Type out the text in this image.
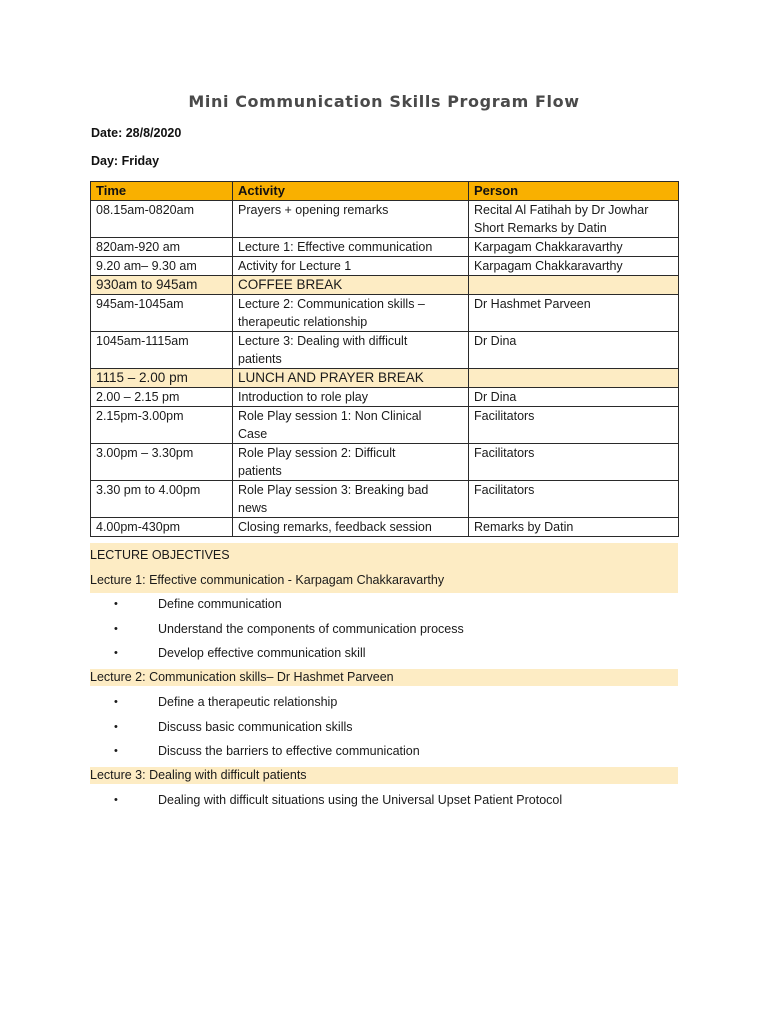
Mini Communication Skills Program Flow
Date: 28/8/2020
Day: Friday
Time	Activity	Person
08.15am-0820am	Prayers + opening remarks	Recital Al Fatihah by Dr Jowhar
Short Remarks by Datin

820am-920 am	Lecture 1: Effective communication	Karpagam Chakkaravarthy

9.20 am– 9.30 am	Activity for Lecture 1	Karpagam Chakkaravarthy

930am to 945am	COFFEE BREAK	

945am-1045am	Lecture 2: Communication skills –
therapeutic relationship	Dr Hashmet Parveen

1045am-1115am	Lecture 3: Dealing with difficult
patients	Dr Dina

1115 – 2.00 pm	LUNCH AND PRAYER BREAK	

2.00 – 2.15 pm	Introduction to role play	Dr Dina

2.15pm-3.00pm	Role Play session 1: Non Clinical
Case	Facilitators

3.00pm – 3.30pm	Role Play session 2: Difficult
patients	Facilitators

3.30 pm to 4.00pm	Role Play session 3: Breaking bad
news	Facilitators

4.00pm-430pm	Closing remarks, feedback session	Remarks by Datin
LECTURE OBJECTIVES
Lecture 1: Effective communication - Karpagam Chakkaravarthy
•	Define communication
•	Understand the components of communication process
•	Develop effective communication skill
Lecture 2: Communication skills– Dr Hashmet Parveen
•	Define a therapeutic relationship
•	Discuss basic communication skills
•	Discuss the barriers to effective communication
Lecture 3: Dealing with difficult patients
•	Dealing with difficult situations using the Universal Upset Patient Protocol
